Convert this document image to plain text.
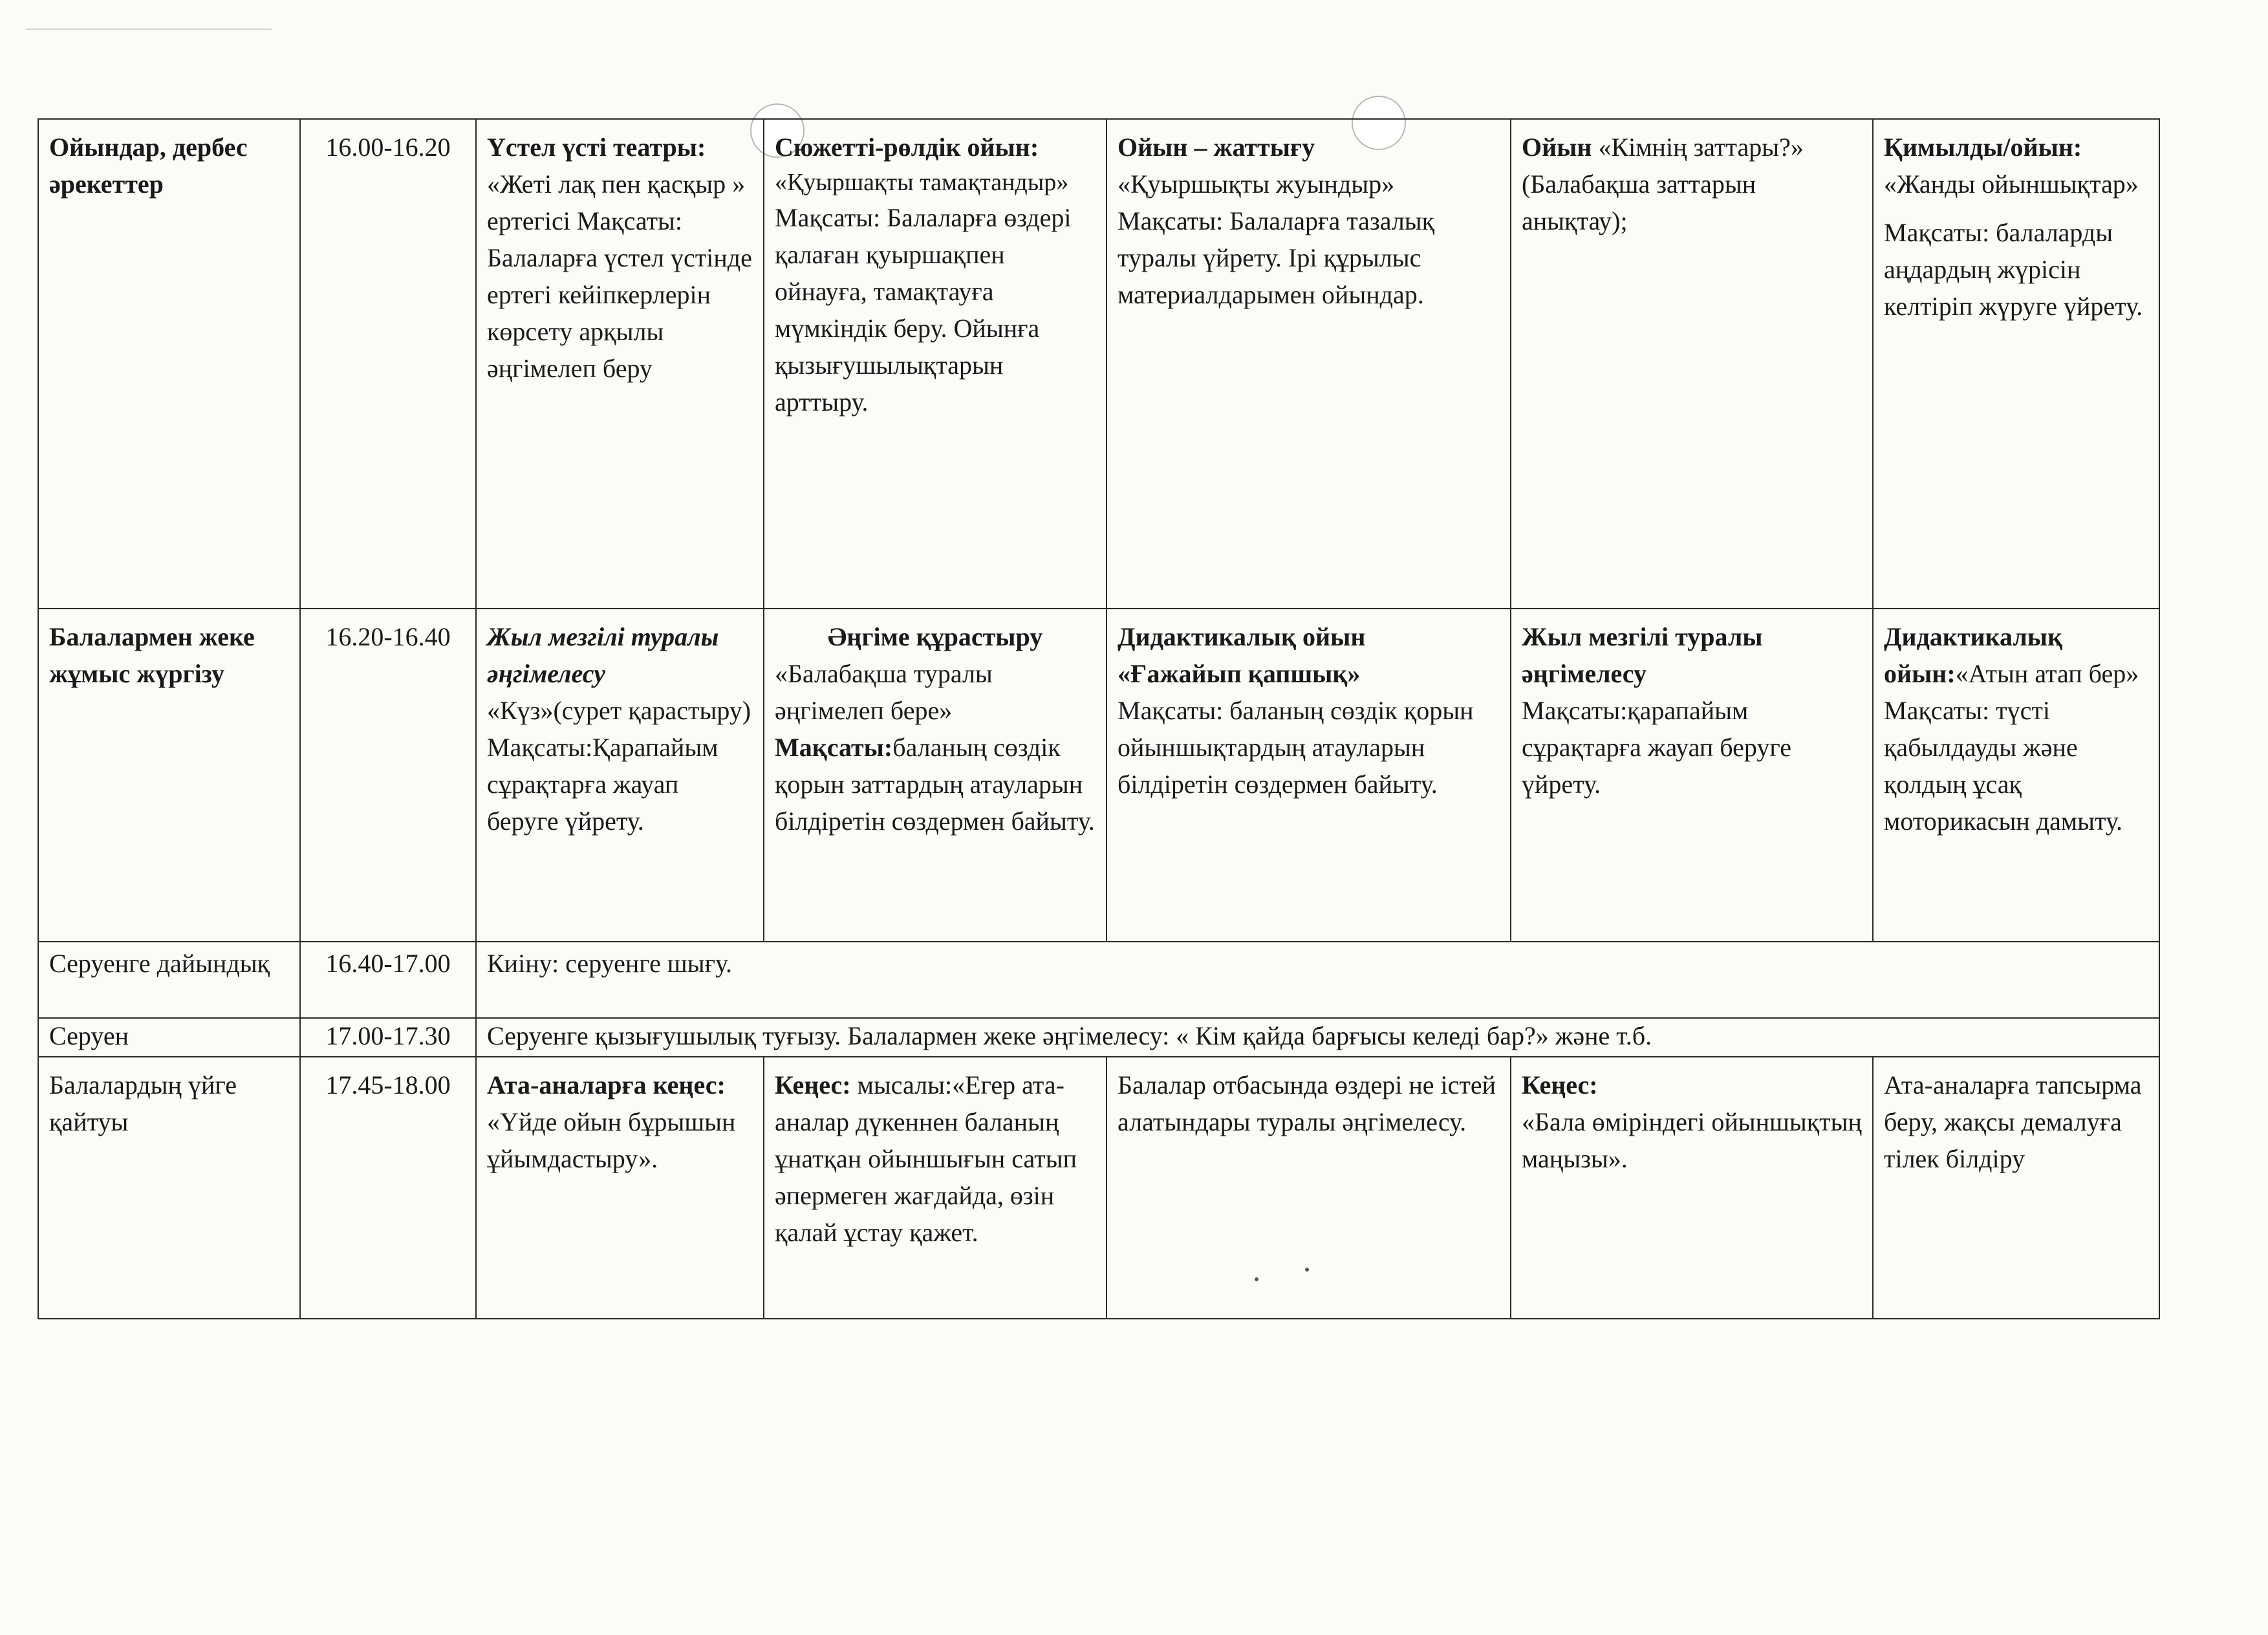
Ойындар, дербес әрекеттер	16.00-16.20	Үстел үсті театры:
«Жеті лақ пен қасқыр » ертегісі Мақсаты: Балаларға үстел үстінде ертегі кейіпкерлерін көрсету арқылы әңгімелеп беру	Сюжетті-рөлдік ойын:
«Қуыршақты тамақтандыр»
Мақсаты: Балаларға өздері қалаған қуыршақпен ойнауға, тамақтауға мүмкіндік беру. Ойынға қызығушылықтарын арттыру.	Ойын – жаттығу
«Қуыршықты жуындыр» Мақсаты: Балаларға тазалық туралы үйрету. Ірі құрылыс материалдарымен ойындар.	Ойын «Кімнің заттары?» (Балабақша заттарын анықтау);	Қимылды/ойын:
«Жанды ойыншықтар»
Мақсаты: балаларды аңдардың жүрісін келтіріп жүруге үйрету.

Балалармен жеке жұмыс жүргізу	16.20-16.40	Жыл мезгілі туралы әңгімелесу
«Күз»(сурет қарастыру) Мақсаты:Қарапайым сұрақтарға жауап беруге үйрету.	Әңгіме құрастыру
«Балабақша туралы әңгімелеп бере»
Мақсаты:баланың сөздік қорын заттардың атауларын білдіретін сөздермен байыту.	Дидактикалық ойын
«Ғажайып қапшық»
Мақсаты: баланың сөздік қорын ойыншықтардың атауларын білдіретін сөздермен байыту.	Жыл мезгілі туралы әңгімелесу
Мақсаты:қарапайым сұрақтарға жауап беруге үйрету.	Дидактикалық ойын:«Атын атап бер»
Мақсаты: түсті қабылдауды және қолдың ұсақ моторикасын дамыту.

Серуенге дайындық	16.40-17.00	Киіну: серуенге шығу.				
Серуен	17.00-17.30	Серуенге қызығушылық туғызу. Балалармен жеке әңгімелесу: « Кім қайда барғысы келеді бар?» және т.б.				
Балалардың үйге қайтуы	17.45-18.00	Ата-аналарға кеңес:
«Үйде ойын бұрышын ұйымдастыру».	Кеңес: мысалы:«Егер ата-аналар дүкеннен баланың ұнатқан ойыншығын сатып әпермеген жағдайда, өзін қалай ұстау қажет.	Балалар отбасында өздері не істей алатындары туралы әңгімелесу.	Кеңес:
«Бала өміріндегі ойыншықтың маңызы».	Ата-аналарға тапсырма беру, жақсы демалуға тілек білдіру
